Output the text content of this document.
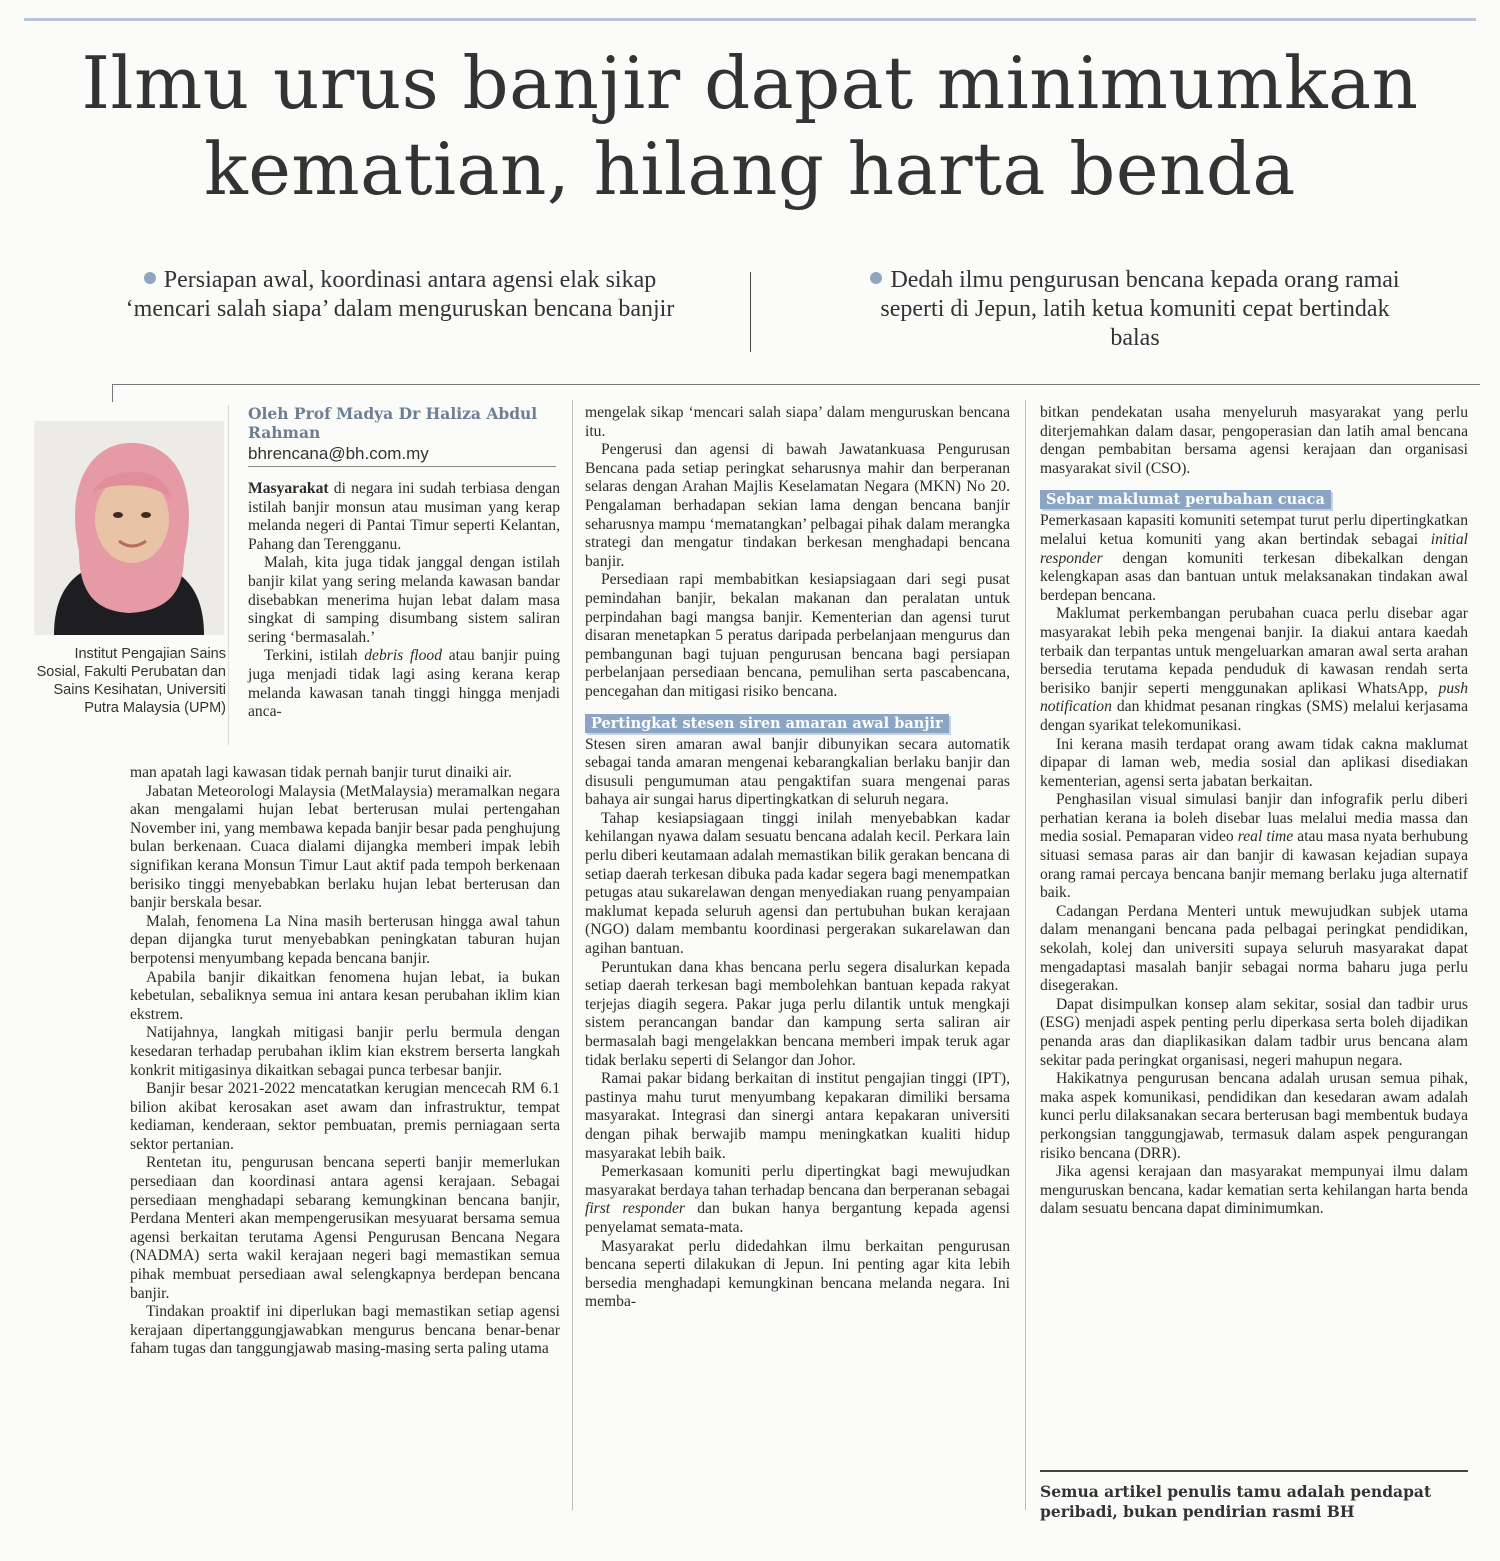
Ilmu urus banjir dapat minimumkan kematian, hilang harta benda
Persiapan awal, koordinasi antara agensi elak sikap ‘mencari salah siapa’ dalam menguruskan bencana banjir
Dedah ilmu pengurusan bencana kepada orang ramai seperti di Jepun, latih ketua komuniti cepat bertindak balas
Institut Pengajian Sains Sosial, Fakulti Perubatan dan Sains Kesihatan, Universiti Putra Malaysia (UPM)
Oleh Prof Madya Dr Haliza Abdul Rahman
bhrencana@bh.com.my

Masyarakat di negara ini sudah terbiasa dengan istilah banjir monsun atau musiman yang kerap melanda negeri di Pantai Timur seperti Kelantan, Pahang dan Terengganu.

Malah, kita juga tidak janggal dengan istilah banjir kilat yang sering melanda kawasan bandar disebabkan menerima hujan lebat dalam masa singkat di samping disumbang sistem saliran sering ‘bermasalah.’

Terkini, istilah debris flood atau banjir puing juga menjadi tidak lagi asing kerana kerap melanda kawasan tanah tinggi hingga menjadi anca-

man apatah lagi kawasan tidak pernah banjir turut dinaiki air.

Jabatan Meteorologi Malaysia (MetMalaysia) meramalkan negara akan mengalami hujan lebat berterusan mulai pertengahan November ini, yang membawa kepada banjir besar pada penghujung bulan berkenaan. Cuaca dialami dijangka memberi impak lebih signifikan kerana Monsun Timur Laut aktif pada tempoh berkenaan berisiko tinggi menyebabkan berlaku hujan lebat berterusan dan banjir berskala besar.

Malah, fenomena La Nina masih berterusan hingga awal tahun depan dijangka turut menyebabkan peningkatan taburan hujan berpotensi menyumbang kepada bencana banjir.

Apabila banjir dikaitkan fenomena hujan lebat, ia bukan kebetulan, sebaliknya semua ini antara kesan perubahan iklim kian ekstrem.

Natijahnya, langkah mitigasi banjir perlu bermula dengan kesedaran terhadap perubahan iklim kian ekstrem berserta langkah konkrit mitigasinya dikaitkan sebagai punca terbesar banjir.

Banjir besar 2021-2022 mencatatkan kerugian mencecah RM 6.1 bilion akibat kerosakan aset awam dan infrastruktur, tempat kediaman, kenderaan, sektor pembuatan, premis perniagaan serta sektor pertanian.

Rentetan itu, pengurusan bencana seperti banjir memerlukan persediaan dan koordinasi antara agensi kerajaan. Sebagai persediaan menghadapi sebarang kemungkinan bencana banjir, Perdana Menteri akan mempengerusikan mesyuarat bersama semua agensi berkaitan terutama Agensi Pengurusan Bencana Negara (NADMA) serta wakil kerajaan negeri bagi memastikan semua pihak membuat persediaan awal selengkapnya berdepan bencana banjir.

Tindakan proaktif ini diperlukan bagi memastikan setiap agensi kerajaan dipertanggungjawabkan mengurus bencana benar-benar faham tugas dan tanggungjawab masing-masing serta paling utama

mengelak sikap ‘mencari salah siapa’ dalam menguruskan bencana itu.

Pengerusi dan agensi di bawah Jawatankuasa Pengurusan Bencana pada setiap peringkat seharusnya mahir dan berperanan selaras dengan Arahan Majlis Keselamatan Negara (MKN) No 20. Pengalaman berhadapan sekian lama dengan bencana banjir seharusnya mampu ‘mematangkan’ pelbagai pihak dalam merangka strategi dan mengatur tindakan berkesan menghadapi bencana banjir.

Persediaan rapi membabitkan kesiapsiagaan dari segi pusat pemindahan banjir, bekalan makanan dan peralatan untuk perpindahan bagi mangsa banjir. Kementerian dan agensi turut disaran menetapkan 5 peratus daripada perbelanjaan mengurus dan pembangunan bagi tujuan pengurusan bencana bagi persiapan perbelanjaan persediaan bencana, pemulihan serta pascabencana, pencegahan dan mitigasi risiko bencana.

Pertingkat stesen siren amaran awal banjir

Stesen siren amaran awal banjir dibunyikan secara automatik sebagai tanda amaran mengenai kebarangkalian berlaku banjir dan disusuli pengumuman atau pengaktifan suara mengenai paras bahaya air sungai harus dipertingkatkan di seluruh negara.

Tahap kesiapsiagaan tinggi inilah menyebabkan kadar kehilangan nyawa dalam sesuatu bencana adalah kecil. Perkara lain perlu diberi keutamaan adalah memastikan bilik gerakan bencana di setiap daerah terkesan dibuka pada kadar segera bagi menempatkan petugas atau sukarelawan dengan menyediakan ruang penyampaian maklumat kepada seluruh agensi dan pertubuhan bukan kerajaan (NGO) dalam membantu koordinasi pergerakan sukarelawan dan agihan bantuan.

Peruntukan dana khas bencana perlu segera disalurkan kepada setiap daerah terkesan bagi membolehkan bantuan kepada rakyat terjejas diagih segera. Pakar juga perlu dilantik untuk mengkaji sistem perancangan bandar dan kampung serta saliran air bermasalah bagi mengelakkan bencana memberi impak teruk agar tidak berlaku seperti di Selangor dan Johor.

Ramai pakar bidang berkaitan di institut pengajian tinggi (IPT), pastinya mahu turut menyumbang kepakaran dimiliki bersama masyarakat. Integrasi dan sinergi antara kepakaran universiti dengan pihak berwajib mampu meningkatkan kualiti hidup masyarakat lebih baik.

Pemerkasaan komuniti perlu dipertingkat bagi mewujudkan masyarakat berdaya tahan terhadap bencana dan berperanan sebagai first responder dan bukan hanya bergantung kepada agensi penyelamat semata-mata.

Masyarakat perlu didedahkan ilmu berkaitan pengurusan bencana seperti dilakukan di Jepun. Ini penting agar kita lebih bersedia menghadapi kemungkinan bencana melanda negara. Ini memba-

bitkan pendekatan usaha menyeluruh masyarakat yang perlu diterjemahkan dalam dasar, pengoperasian dan latih amal bencana dengan pembabitan bersama agensi kerajaan dan organisasi masyarakat sivil (CSO).

Sebar maklumat perubahan cuaca

Pemerkasaan kapasiti komuniti setempat turut perlu dipertingkatkan melalui ketua komuniti yang akan bertindak sebagai initial responder dengan komuniti terkesan dibekalkan dengan kelengkapan asas dan bantuan untuk melaksanakan tindakan awal berdepan bencana.

Maklumat perkembangan perubahan cuaca perlu disebar agar masyarakat lebih peka mengenai banjir. Ia diakui antara kaedah terbaik dan terpantas untuk mengeluarkan amaran awal serta arahan bersedia terutama kepada penduduk di kawasan rendah serta berisiko banjir seperti menggunakan aplikasi WhatsApp, push notification dan khidmat pesanan ringkas (SMS) melalui kerjasama dengan syarikat telekomunikasi.

Ini kerana masih terdapat orang awam tidak cakna maklumat dipapar di laman web, media sosial dan aplikasi disediakan kementerian, agensi serta jabatan berkaitan.

Penghasilan visual simulasi banjir dan infografik perlu diberi perhatian kerana ia boleh disebar luas melalui media massa dan media sosial. Pemaparan video real time atau masa nyata berhubung situasi semasa paras air dan banjir di kawasan kejadian supaya orang ramai percaya bencana banjir memang berlaku juga alternatif baik.

Cadangan Perdana Menteri untuk mewujudkan subjek utama dalam menangani bencana pada pelbagai peringkat pendidikan, sekolah, kolej dan universiti supaya seluruh masyarakat dapat mengadaptasi masalah banjir sebagai norma baharu juga perlu disegerakan.

Dapat disimpulkan konsep alam sekitar, sosial dan tadbir urus (ESG) menjadi aspek penting perlu diperkasa serta boleh dijadikan penanda aras dan diaplikasikan dalam tadbir urus bencana alam sekitar pada peringkat organisasi, negeri mahupun negara.

Hakikatnya pengurusan bencana adalah urusan semua pihak, maka aspek komunikasi, pendidikan dan kesedaran awam adalah kunci perlu dilaksanakan secara berterusan bagi membentuk budaya perkongsian tanggungjawab, termasuk dalam aspek pengurangan risiko bencana (DRR).

Jika agensi kerajaan dan masyarakat mempunyai ilmu dalam menguruskan bencana, kadar kematian serta kehilangan harta benda dalam sesuatu bencana dapat diminimumkan.

Semua artikel penulis tamu adalah pendapat peribadi, bukan pendirian rasmi BH
